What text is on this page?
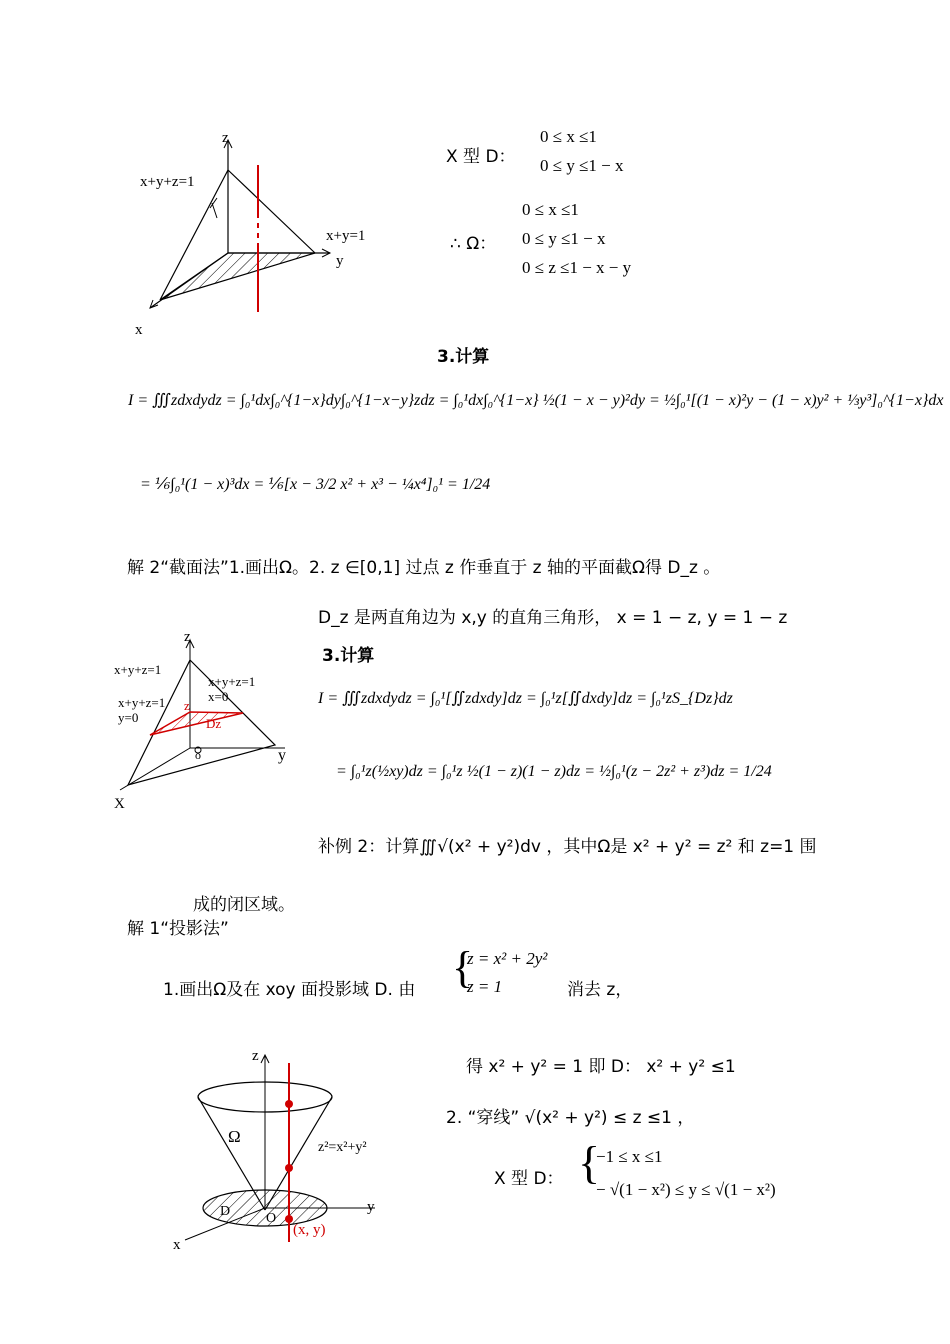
z
y
x
x+y+z=1
x+y=1
X 型 D：
0 ≤ x ≤1
0 ≤ y ≤1 − x
∴ Ω：
0 ≤ x ≤1
0 ≤ y ≤1 − x
0 ≤ z ≤1 − x − y
3.计算
I = ∭zdxdydz = ∫₀¹dx∫₀^{1−x}dy∫₀^{1−x−y}zdz = ∫₀¹dx∫₀^{1−x} ½(1 − x − y)²dy = ½∫₀¹[(1 − x)²y − (1 − x)y² + ⅓y³]₀^{1−x}dx
= ⅙∫₀¹(1 − x)³dx = ⅙[x − 3/2 x² + x³ − ¼x⁴]₀¹ = 1/24
解 2“截面法”1.画出Ω。2. z ∈[0,1] 过点 z 作垂直于 z 轴的平面截Ω得 D_z 。
z
y
X
o
x+y+z=1
x+y+z=1
x=0
x+y+z=1
y=0
z
Dz
D_z 是两直角边为 x,y 的直角三角形， x = 1 − z, y = 1 − z
3.计算
I = ∭zdxdydz = ∫₀¹[∬zdxdy]dz = ∫₀¹z[∬dxdy]dz = ∫₀¹zS_{Dz}dz
= ∫₀¹z(½xy)dz = ∫₀¹z ½(1 − z)(1 − z)dz = ½∫₀¹(z − 2z² + z³)dz = 1/24
补例 2：计算∭√(x² + y²)dv ，其中Ω是 x² + y² = z² 和 z=1 围
成的闭区域。
解 1“投影法”
1.画出Ω及在 xoy 面投影域 D. 由 {
z = x² + 2y²
z = 1	消去 z，
z
y
x
Ω
D	O
z²=x²+y²
(x, y)
得 x² + y² = 1 即 D： x² + y² ≤1
2. “穿线” √(x² + y²) ≤ z ≤1 ，
X 型 D： {
−1 ≤ x ≤1
− √(1 − x²) ≤ y ≤ √(1 − x²)
